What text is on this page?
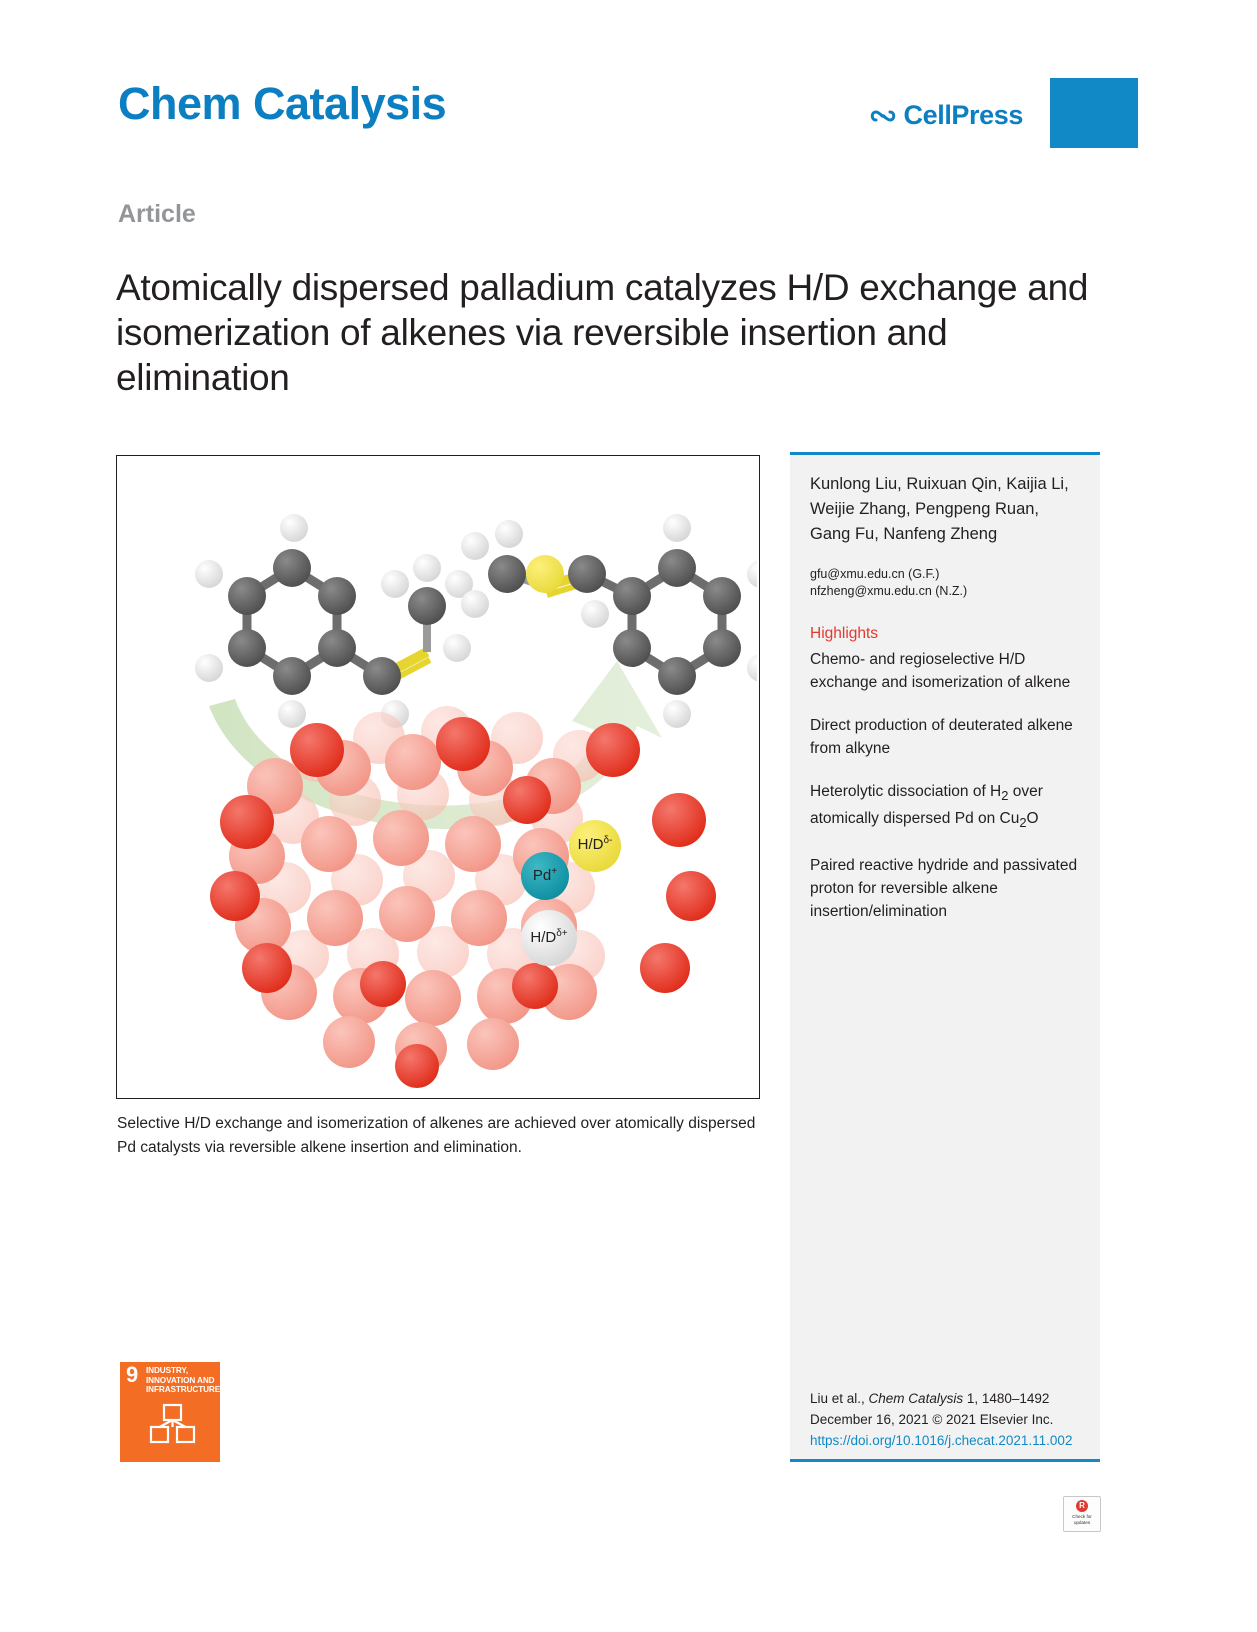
Chem Catalysis	CellPress
Article
Atomically dispersed palladium catalyzes H/D exchange and isomerization of alkenes via reversible insertion and elimination
$H/D^{\delta-}$
Pd+
$H/D^{\delta+}$
Selective H/D exchange and isomerization of alkenes are achieved over atomically dispersed Pd catalysts via reversible alkene insertion and elimination.
Kunlong Liu, Ruixuan Qin, Kaijia Li, Weijie Zhang, Pengpeng Ruan, Gang Fu, Nanfeng Zheng
gfu@xmu.edu.cn (G.F.)
nfzheng@xmu.edu.cn (N.Z.)
Highlights
Chemo- and regioselective H/D exchange and isomerization of alkene
Direct production of deuterated alkene from alkyne
Heterolytic dissociation of $H_2$ over atomically dispersed Pd on $Cu_2O$
Paired reactive hydride and passivated proton for reversible alkene insertion/elimination
Liu et al., Chem Catalysis 1, 1480–1492
December 16, 2021 © 2021 Elsevier Inc.
https://doi.org/10.1016/j.checat.2021.11.002
9 INDUSTRY, INNOVATION AND INFRASTRUCTURE
R
Check for
updates
